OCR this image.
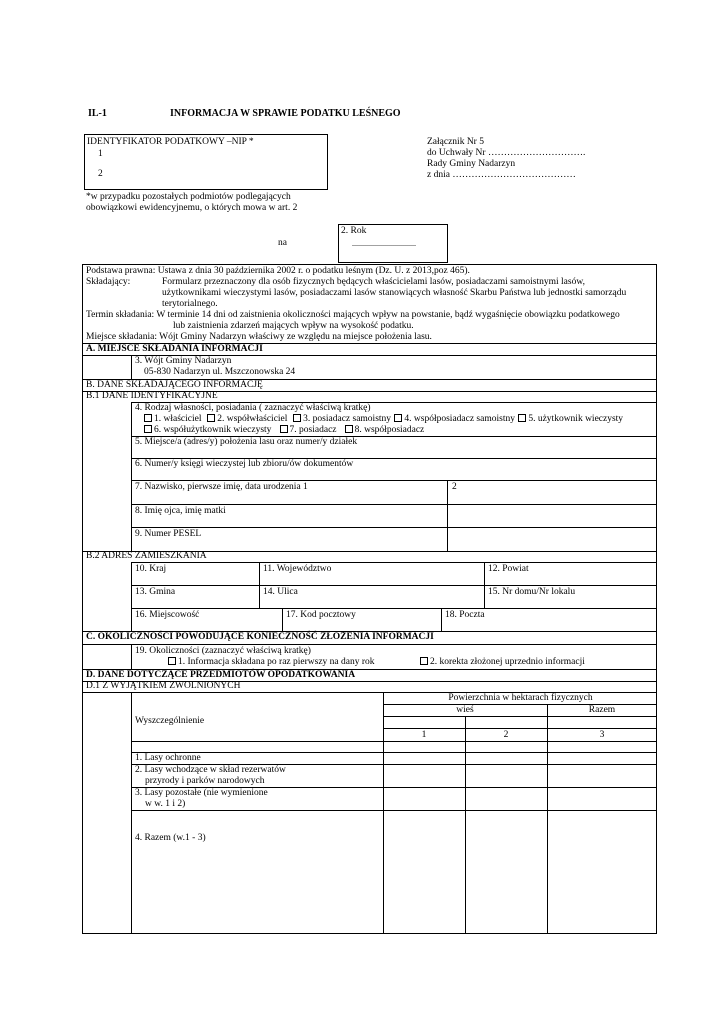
IL-1	INFORMACJA W SPRAWIE PODATKU LEŚNEGO
IDENTYFIKATOR PODATKOWY –NIP *
1
2
Załącznik Nr 5
do Uchwały Nr ………………………….
Rady Gminy Nadarzyn
z dnia …………………………………
*w przypadku pozostałych podmiotów podlegających
obowiązkowi ewidencyjnemu, o których mowa w art. 2
na
2. Rok
................................
Podstawa prawna: Ustawa z dnia 30 października 2002 r. o podatku leśnym (Dz. U. z 2013,poz 465).
Składający:	Formularz przeznaczony dla osób fizycznych będących właścicielami lasów, posiadaczami samoistnymi lasów,
użytkownikami wieczystymi lasów, posiadaczami lasów stanowiących własność Skarbu Państwa lub jednostki samorządu
terytorialnego.
Termin składania: W terminie 14 dni od zaistnienia okoliczności mających wpływ na powstanie, bądź wygaśnięcie obowiązku podatkowego
lub zaistnienia zdarzeń mających wpływ na wysokość podatku.
Miejsce składania: Wójt Gminy Nadarzyn właściwy ze względu na miejsce położenia lasu.
A. MIEJSCE SKŁADANIA INFORMACJI
3. Wójt Gminy Nadarzyn
05-830 Nadarzyn ul. Mszczonowska 24
B. DANE SKŁADAJĄCEGO INFORMACJĘ
B.1 DANE IDENTYFIKACYJNE
4. Rodzaj własności, posiadania ( zaznaczyć właściwą kratkę)
1. właściciel 2. współwłaściciel 3. posiadacz samoistny 4. współposiadacz samoistny 5. użytkownik wieczysty
6. współużytkownik wieczysty 7. posiadacz 8. współposiadacz
5. Miejsce/a (adres/y) położenia lasu oraz numer/y działek
6. Numer/y księgi wieczystej lub zbioru/ów dokumentów
7. Nazwisko, pierwsze imię, data urodzenia 1	2
8. Imię ojca, imię matki
9. Numer PESEL
B.2 ADRES ZAMIESZKANIA
10. Kraj	11. Województwo	12. Powiat
13. Gmina	14. Ulica	15. Nr domu/Nr lokalu
16. Miejscowość	17. Kod pocztowy	18. Poczta
C. OKOLICZNOŚCI POWODUJĄCE KONIECZNOŚĆ ZŁOŻENIA INFORMACJI
19. Okoliczności (zaznaczyć właściwą kratkę)
1. Informacja składana po raz pierwszy na dany rok	2. korekta złożonej uprzednio informacji
D. DANE DOTYCZĄCE PRZEDMIOTÓW OPODATKOWANIA
D.1 Z WYJĄTKIEM ZWOLNIONYCH
Powierzchnia w hektarach fizycznych
wieś	Razem
Wyszczególnienie
1	2	3
1. Lasy ochronne
2. Lasy wchodzące w skład rezerwatów
przyrody i parków narodowych
3. Lasy pozostałe (nie wymienione
w w. 1 i 2)
4. Razem (w.1 - 3)
